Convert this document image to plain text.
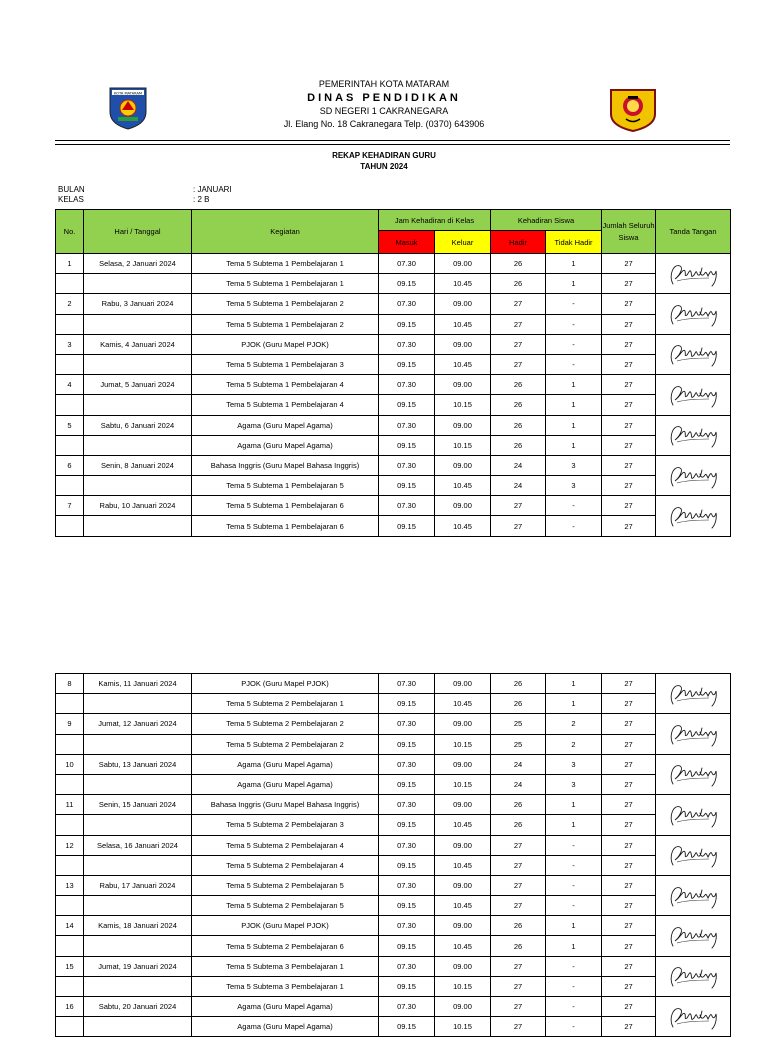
KOTA MATARAM
PEMERINTAH KOTA MATARAM
DINAS PENDIDIKAN
SD NEGERI 1 CAKRANEGARA
Jl. Elang No. 18 Cakranegara Telp. (0370) 643906
REKAP KEHADIRAN GURU
TAHUN 2024
BULAN	: JANUARI
KELAS	: 2 B
No.	Hari / Tanggal	Kegiatan	Jam Kehadiran di Kelas		Kehadiran Siswa		Jumlah Seluruh Siswa	Tanda Tangan
			Masuk	Keluar	Hadir	Tidak Hadir		
1	Selasa, 2 Januari 2024	Tema 5 Subtema 1 Pembelajaran 1	07.30	09.00	26	1	27	

		Tema 5 Subtema 1 Pembelajaran 1	09.15	10.45	26	1	27	
2	Rabu, 3 Januari 2024	Tema 5 Subtema 1 Pembelajaran 2	07.30	09.00	27	-	27	

		Tema 5 Subtema 1 Pembelajaran 2	09.15	10.45	27	-	27	
3	Kamis, 4 Januari 2024	PJOK (Guru Mapel PJOK)	07.30	09.00	27	-	27	

		Tema 5 Subtema 1 Pembelajaran 3	09.15	10.45	27	-	27	
4	Jumat, 5 Januari 2024	Tema 5 Subtema 1 Pembelajaran 4	07.30	09.00	26	1	27	

		Tema 5 Subtema 1 Pembelajaran 4	09.15	10.15	26	1	27	
5	Sabtu, 6 Januari 2024	Agama (Guru Mapel Agama)	07.30	09.00	26	1	27	

		Agama (Guru Mapel Agama)	09.15	10.15	26	1	27	
6	Senin, 8 Januari 2024	Bahasa Inggris (Guru Mapel Bahasa Inggris)	07.30	09.00	24	3	27	

		Tema 5 Subtema 1 Pembelajaran 5	09.15	10.45	24	3	27	
7	Rabu, 10 Januari 2024	Tema 5 Subtema 1 Pembelajaran 6	07.30	09.00	27	-	27	

		Tema 5 Subtema 1 Pembelajaran 6	09.15	10.45	27	-	27	
8	Kamis, 11 Januari 2024	PJOK (Guru Mapel PJOK)	07.30	09.00	26	1	27	

		Tema 5 Subtema 2 Pembelajaran 1	09.15	10.45	26	1	27	
9	Jumat, 12 Januari 2024	Tema 5 Subtema 2 Pembelajaran 2	07.30	09.00	25	2	27	

		Tema 5 Subtema 2 Pembelajaran 2	09.15	10.15	25	2	27	
10	Sabtu, 13 Januari 2024	Agama (Guru Mapel Agama)	07.30	09.00	24	3	27	

		Agama (Guru Mapel Agama)	09.15	10.15	24	3	27	
11	Senin, 15 Januari 2024	Bahasa Inggris (Guru Mapel Bahasa Inggris)	07.30	09.00	26	1	27	

		Tema 5 Subtema 2 Pembelajaran 3	09.15	10.45	26	1	27	
12	Selasa, 16 Januari 2024	Tema 5 Subtema 2 Pembelajaran 4	07.30	09.00	27	-	27	

		Tema 5 Subtema 2 Pembelajaran 4	09.15	10.45	27	-	27	
13	Rabu, 17 Januari 2024	Tema 5 Subtema 2 Pembelajaran 5	07.30	09.00	27	-	27	

		Tema 5 Subtema 2 Pembelajaran 5	09.15	10.45	27	-	27	
14	Kamis, 18 Januari 2024	PJOK (Guru Mapel PJOK)	07.30	09.00	26	1	27	

		Tema 5 Subtema 2 Pembelajaran 6	09.15	10.45	26	1	27	
15	Jumat, 19 Januari 2024	Tema 5 Subtema 3 Pembelajaran 1	07.30	09.00	27	-	27	

		Tema 5 Subtema 3 Pembelajaran 1	09.15	10.15	27	-	27	
16	Sabtu, 20 Januari 2024	Agama (Guru Mapel Agama)	07.30	09.00	27	-	27	

		Agama (Guru Mapel Agama)	09.15	10.15	27	-	27	
